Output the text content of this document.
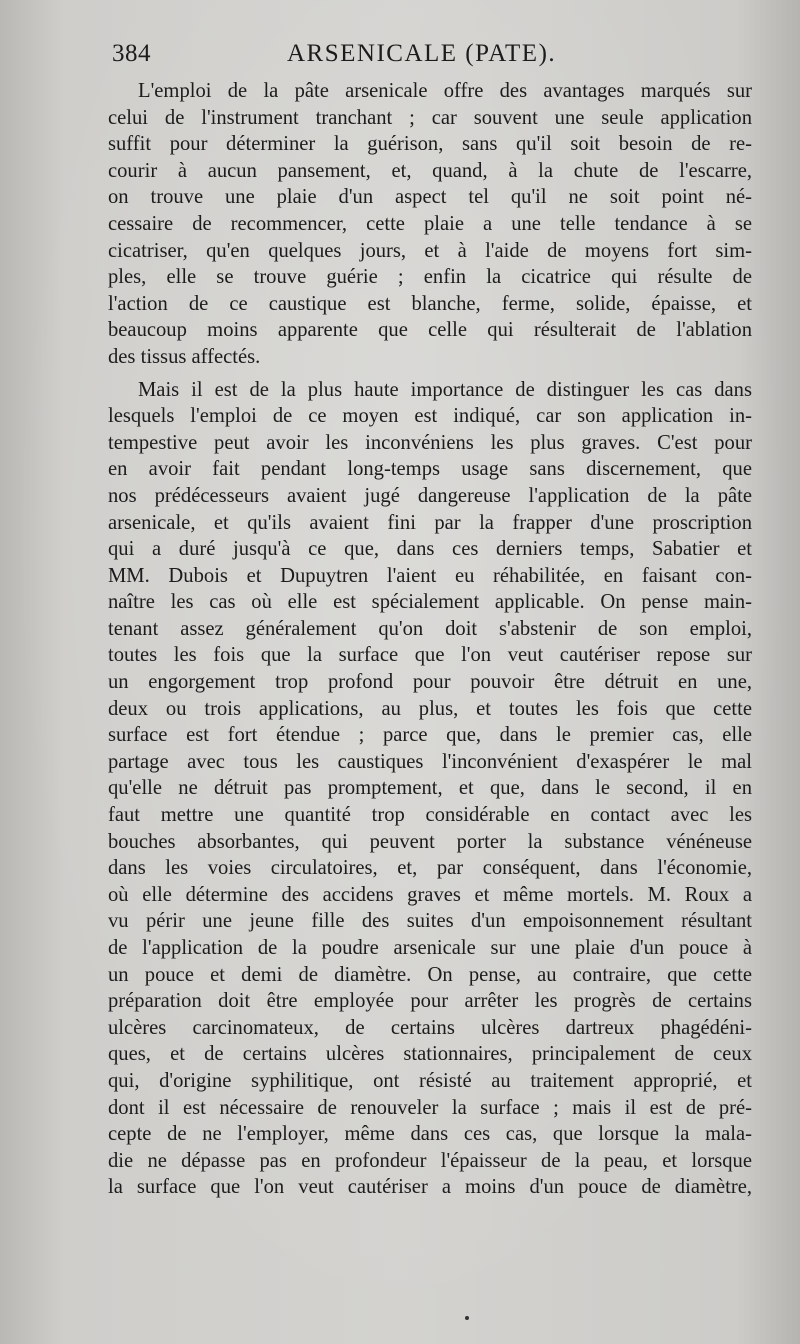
384	ARSENICALE (PATE).
L'emploi de la pâte arsenicale offre des avantages marqués sur
celui de l'instrument tranchant ; car souvent une seule application
suffit pour déterminer la guérison, sans qu'il soit besoin de re-
courir à aucun pansement, et, quand, à la chute de l'escarre,
on trouve une plaie d'un aspect tel qu'il ne soit point né-
cessaire de recommencer, cette plaie a une telle tendance à se
cicatriser, qu'en quelques jours, et à l'aide de moyens fort sim-
ples, elle se trouve guérie ; enfin la cicatrice qui résulte de
l'action de ce caustique est blanche, ferme, solide, épaisse, et
beaucoup moins apparente que celle qui résulterait de l'ablation
des tissus affectés.
Mais il est de la plus haute importance de distinguer les cas dans
lesquels l'emploi de ce moyen est indiqué, car son application in-
tempestive peut avoir les inconvéniens les plus graves. C'est pour
en avoir fait pendant long-temps usage sans discernement, que
nos prédécesseurs avaient jugé dangereuse l'application de la pâte
arsenicale, et qu'ils avaient fini par la frapper d'une proscription
qui a duré jusqu'à ce que, dans ces derniers temps, Sabatier et
MM. Dubois et Dupuytren l'aient eu réhabilitée, en faisant con-
naître les cas où elle est spécialement applicable. On pense main-
tenant assez généralement qu'on doit s'abstenir de son emploi,
toutes les fois que la surface que l'on veut cautériser repose sur
un engorgement trop profond pour pouvoir être détruit en une,
deux ou trois applications, au plus, et toutes les fois que cette
surface est fort étendue ; parce que, dans le premier cas, elle
partage avec tous les caustiques l'inconvénient d'exaspérer le mal
qu'elle ne détruit pas promptement, et que, dans le second, il en
faut mettre une quantité trop considérable en contact avec les
bouches absorbantes, qui peuvent porter la substance vénéneuse
dans les voies circulatoires, et, par conséquent, dans l'économie,
où elle détermine des accidens graves et même mortels. M. Roux a
vu périr une jeune fille des suites d'un empoisonnement résultant
de l'application de la poudre arsenicale sur une plaie d'un pouce à
un pouce et demi de diamètre. On pense, au contraire, que cette
préparation doit être employée pour arrêter les progrès de certains
ulcères carcinomateux, de certains ulcères dartreux phagédéni-
ques, et de certains ulcères stationnaires, principalement de ceux
qui, d'origine syphilitique, ont résisté au traitement approprié, et
dont il est nécessaire de renouveler la surface ; mais il est de pré-
cepte de ne l'employer, même dans ces cas, que lorsque la mala-
die ne dépasse pas en profondeur l'épaisseur de la peau, et lorsque
la surface que l'on veut cautériser a moins d'un pouce de diamètre,
